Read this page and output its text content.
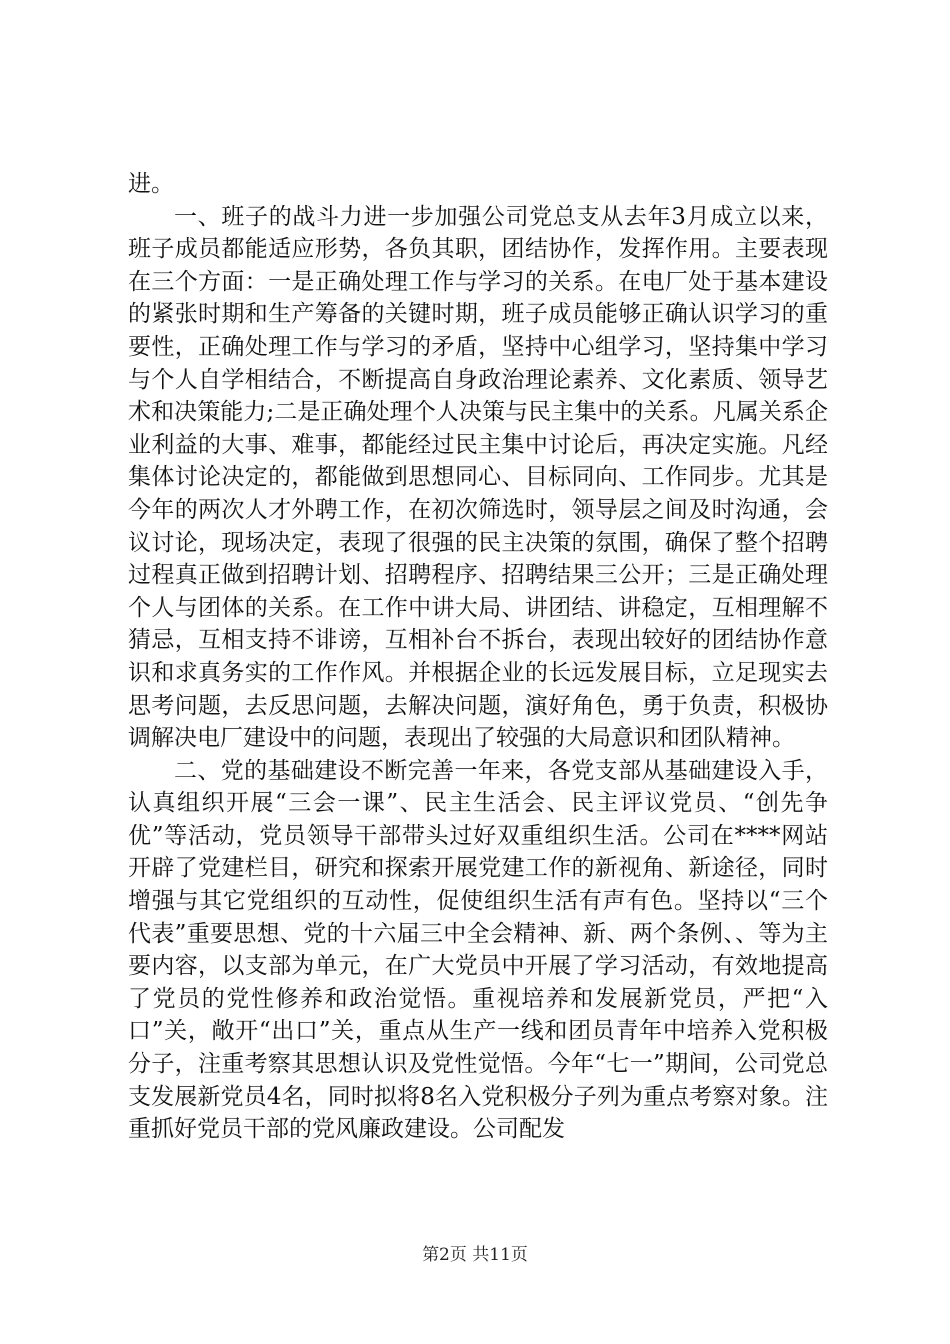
进。

一、班子的战斗力进一步加强公司党总支从去年3月成立以来，班子成员都能适应形势，各负其职，团结协作，发挥作用。主要表现在三个方面：一是正确处理工作与学习的关系。在电厂处于基本建设的紧张时期和生产筹备的关键时期，班子成员能够正确认识学习的重要性，正确处理工作与学习的矛盾，坚持中心组学习，坚持集中学习与个人自学相结合，不断提高自身政治理论素养、文化素质、领导艺术和决策能力;二是正确处理个人决策与民主集中的关系。凡属关系企业利益的大事、难事，都能经过民主集中讨论后，再决定实施。凡经集体讨论决定的，都能做到思想同心、目标同向、工作同步。尤其是今年的两次人才外聘工作，在初次筛选时，领导层之间及时沟通，会议讨论，现场决定，表现了很强的民主决策的氛围，确保了整个招聘过程真正做到招聘计划、招聘程序、招聘结果三公开；三是正确处理个人与团体的关系。在工作中讲大局、讲团结、讲稳定，互相理解不猜忌，互相支持不诽谤，互相补台不拆台，表现出较好的团结协作意识和求真务实的工作作风。并根据企业的长远发展目标，立足现实去思考问题，去反思问题，去解决问题，演好角色，勇于负责，积极协调解决电厂建设中的问题，表现出了较强的大局意识和团队精神。

二、党的基础建设不断完善一年来，各党支部从基础建设入手，认真组织开展“三会一课”、民主生活会、民主评议党员、“创先争优”等活动，党员领导干部带头过好双重组织生活。公司在****网站开辟了党建栏目，研究和探索开展党建工作的新视角、新途径，同时增强与其它党组织的互动性，促使组织生活有声有色。坚持以“三个代表”重要思想、党的十六届三中全会精神、新、两个条例、、等为主要内容，以支部为单元，在广大党员中开展了学习活动，有效地提高了党员的党性修养和政治觉悟。重视培养和发展新党员，严把“入口”关，敞开“出口”关，重点从生产一线和团员青年中培养入党积极分子，注重考察其思想认识及党性觉悟。今年“七一”期间，公司党总支发展新党员4名，同时拟将8名入党积极分子列为重点考察对象。注重抓好党员干部的党风廉政建设。公司配发

第2页 共11页
